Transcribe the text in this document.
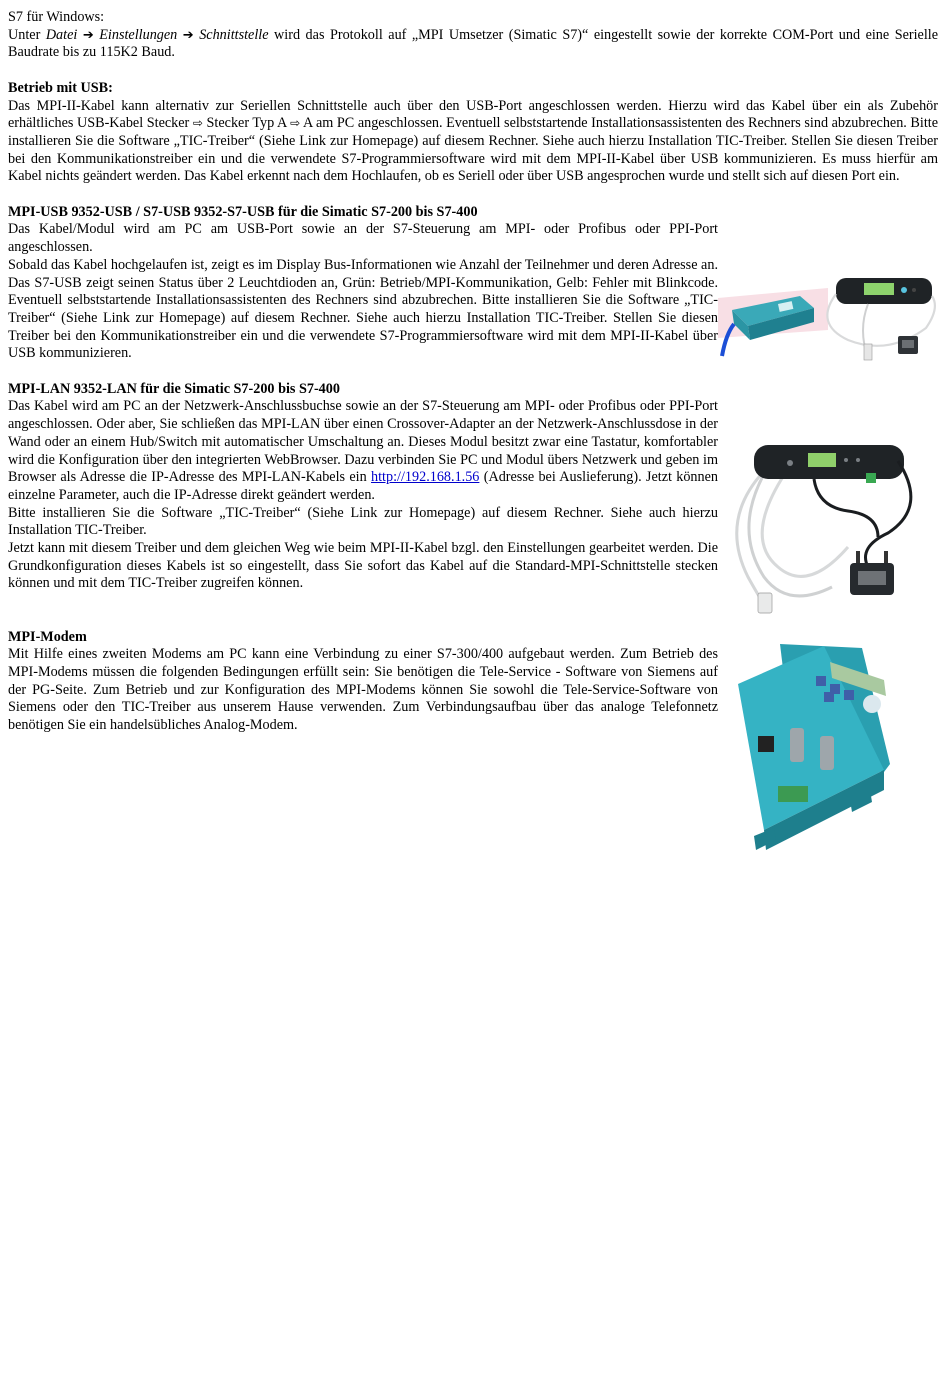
S7 für Windows:

Unter Datei ➔ Einstellungen ➔ Schnittstelle wird das Protokoll auf „MPI Umsetzer (Simatic S7)“ eingestellt sowie der korrekte COM-Port und eine Serielle Baudrate bis zu 115K2 Baud.

Betrieb mit USB:

Das MPI-II-Kabel kann alternativ zur Seriellen Schnittstelle auch über den USB-Port angeschlossen werden. Hierzu wird das Kabel über ein als Zubehör erhältliches USB-Kabel Stecker ⇨ Stecker Typ A ⇨ A am PC angeschlossen. Eventuell selbststartende Installationsassistenten des Rechners sind abzubrechen. Bitte installieren Sie die Software „TIC-Treiber“ (Siehe Link zur Homepage) auf diesem Rechner. Siehe auch hierzu Installation TIC-Treiber. Stellen Sie diesen Treiber bei den Kommunikationstreiber ein und die verwendete S7-Programmiersoftware wird mit dem MPI-II-Kabel über USB kommunizieren. Es muss hierfür am Kabel nichts geändert werden. Das Kabel erkennt nach dem Hochlaufen, ob es Seriell oder über USB angesprochen wurde und stellt sich auf diesen Port ein.

MPI-USB 9352-USB / S7-USB 9352-S7-USB für die Simatic S7-200 bis S7-400

Das Kabel/Modul wird am PC am USB-Port sowie an der S7-Steuerung am MPI- oder Profibus oder PPI-Port angeschlossen.

Sobald das Kabel hochgelaufen ist, zeigt es im Display Bus-Informationen wie Anzahl der Teilnehmer und deren Adresse an. Das S7-USB zeigt seinen Status über 2 Leuchtdioden an, Grün: Betrieb/MPI-Kommunikation, Gelb: Fehler mit Blinkcode. Eventuell selbststartende Installationsassistenten des Rechners sind abzubrechen. Bitte installieren Sie die Software „TIC-Treiber“ (Siehe Link zur Homepage) auf diesem Rechner. Siehe auch hierzu Installation TIC-Treiber. Stellen Sie diesen Treiber bei den Kommunikationstreiber ein und die verwendete S7-Programmiersoftware wird mit dem MPI-II-Kabel über USB kommunizieren.

MPI-LAN 9352-LAN für die Simatic S7-200 bis S7-400

Das Kabel wird am PC an der Netzwerk-Anschlussbuchse sowie an der S7-Steuerung am MPI- oder Profibus oder PPI-Port angeschlossen. Oder aber, Sie schließen das MPI-LAN über einen Crossover-Adapter an der Netzwerk-Anschlussdose in der Wand oder an einem Hub/Switch mit automatischer Umschaltung an. Dieses Modul besitzt zwar eine Tastatur, komfortabler wird die Konfiguration über den integrierten WebBrowser. Dazu verbinden Sie PC und Modul übers Netzwerk und geben im Browser als Adresse die IP-Adresse des MPI-LAN-Kabels ein http://192.168.1.56 (Adresse bei Auslieferung). Jetzt können einzelne Parameter, auch die IP-Adresse direkt geändert werden.

Bitte installieren Sie die Software „TIC-Treiber“ (Siehe Link zur Homepage) auf diesem Rechner. Siehe auch hierzu Installation TIC-Treiber.

Jetzt kann mit diesem Treiber und dem gleichen Weg wie beim MPI-II-Kabel bzgl. den Einstellungen gearbeitet werden. Die Grundkonfiguration dieses Kabels ist so eingestellt, dass Sie sofort das Kabel auf die Standard-MPI-Schnittstelle stecken können und mit dem TIC-Treiber zugreifen können.

MPI-Modem

Mit Hilfe eines zweiten Modems am PC kann eine Verbindung zu einer S7-300/400 aufgebaut werden. Zum Betrieb des MPI-Modems müssen die folgenden Bedingungen erfüllt sein: Sie benötigen die Tele-Service - Software von Siemens auf der PG-Seite. Zum Betrieb und zur Konfiguration des MPI-Modems können Sie sowohl die Tele-Service-Software von Siemens oder den TIC-Treiber aus unserem Hause verwenden. Zum Verbindungsaufbau über das analoge Telefonnetz benötigen Sie ein handelsübliches Analog-Modem.
